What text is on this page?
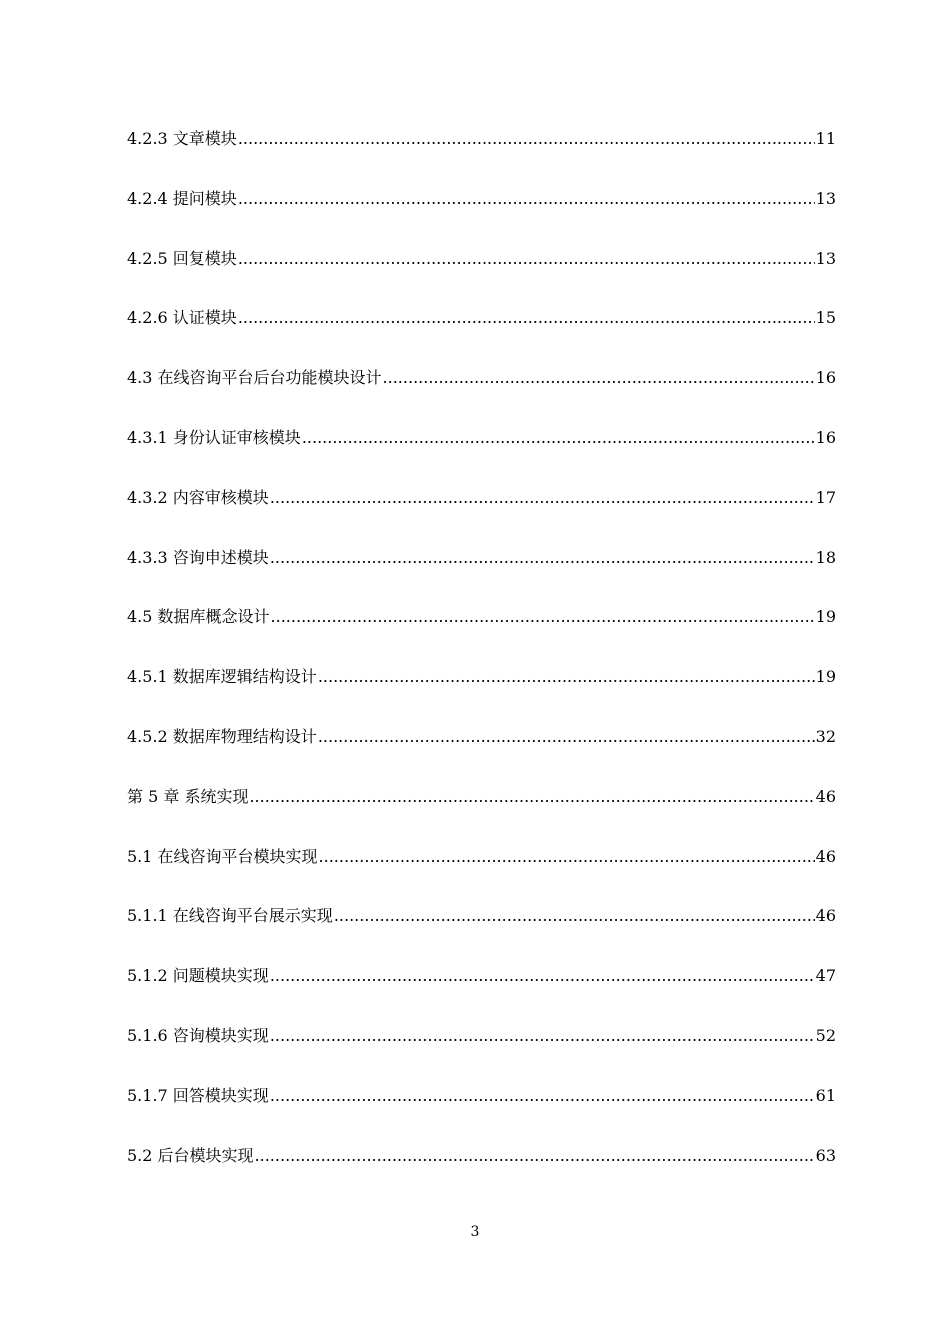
4.2.3 文章模块 .....	11
4.2.4 提问模块 .....	13
4.2.5 回复模块 .....	13
4.2.6 认证模块 .....	15
4.3 在线咨询平台后台功能模块设计 .....	16
4.3.1 身份认证审核模块 .....	16
4.3.2 内容审核模块 .....	17
4.3.3 咨询申述模块 .....	18
4.5 数据库概念设计 .....	19
4.5.1 数据库逻辑结构设计 .....	19
4.5.2 数据库物理结构设计 .....	32
第 5 章 系统实现 .....	46
5.1 在线咨询平台模块实现 .....	46
5.1.1 在线咨询平台展示实现 .....	46
5.1.2 问题模块实现 .....	47
5.1.6 咨询模块实现 .....	52
5.1.7 回答模块实现 .....	61
5.2 后台模块实现 .....	63
3
